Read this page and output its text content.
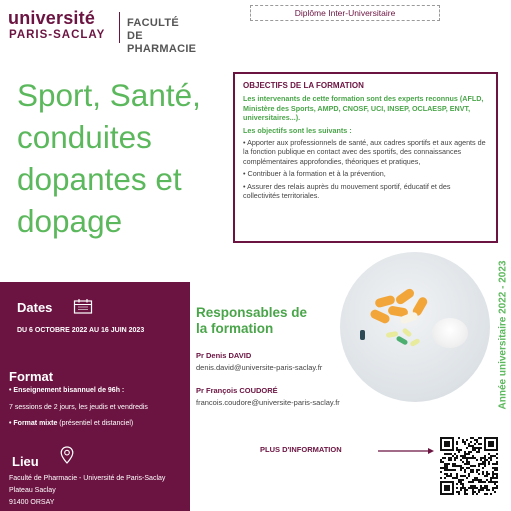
université
PARIS-SACLAY
FACULTÉ DE
PHARMACIE
Diplôme Inter-Universitaire
Sport, Santé,
conduites
dopantes et
dopage
OBJECTIFS DE LA FORMATION
Les intervenants de cette formation sont des experts reconnus (AFLD, Ministère des Sports, AMPD, CNOSF, UCI, INSEP, OCLAESP, ENVT, universitaires...).
Les objectifs sont les suivants :
• Apporter aux professionnels de santé, aux cadres sportifs et aux agents de la fonction publique en contact avec des sportifs, des connaissances complémentaires approfondies, théoriques et pratiques,
• Contribuer à la formation et à la prévention,
• Assurer des relais auprès du mouvement sportif, éducatif et des collectivités territoriales.
Année universitaire 2022 - 2023
Dates
DU 6 OCTOBRE 2022 AU 16 JUIN 2023
Format
• Enseignement bisannuel de 96h :
7 sessions de 2 jours, les jeudis et vendredis
• Format mixte (présentiel et distanciel)
Lieu
Faculté de Pharmacie - Université de Paris-Saclay
Plateau Saclay
91400 ORSAY
Responsables de
la formation
Pr Denis DAVID
denis.david@universite-paris-saclay.fr
Pr François COUDORÉ
francois.coudore@universite-paris-saclay.fr
PLUS D'INFORMATION
